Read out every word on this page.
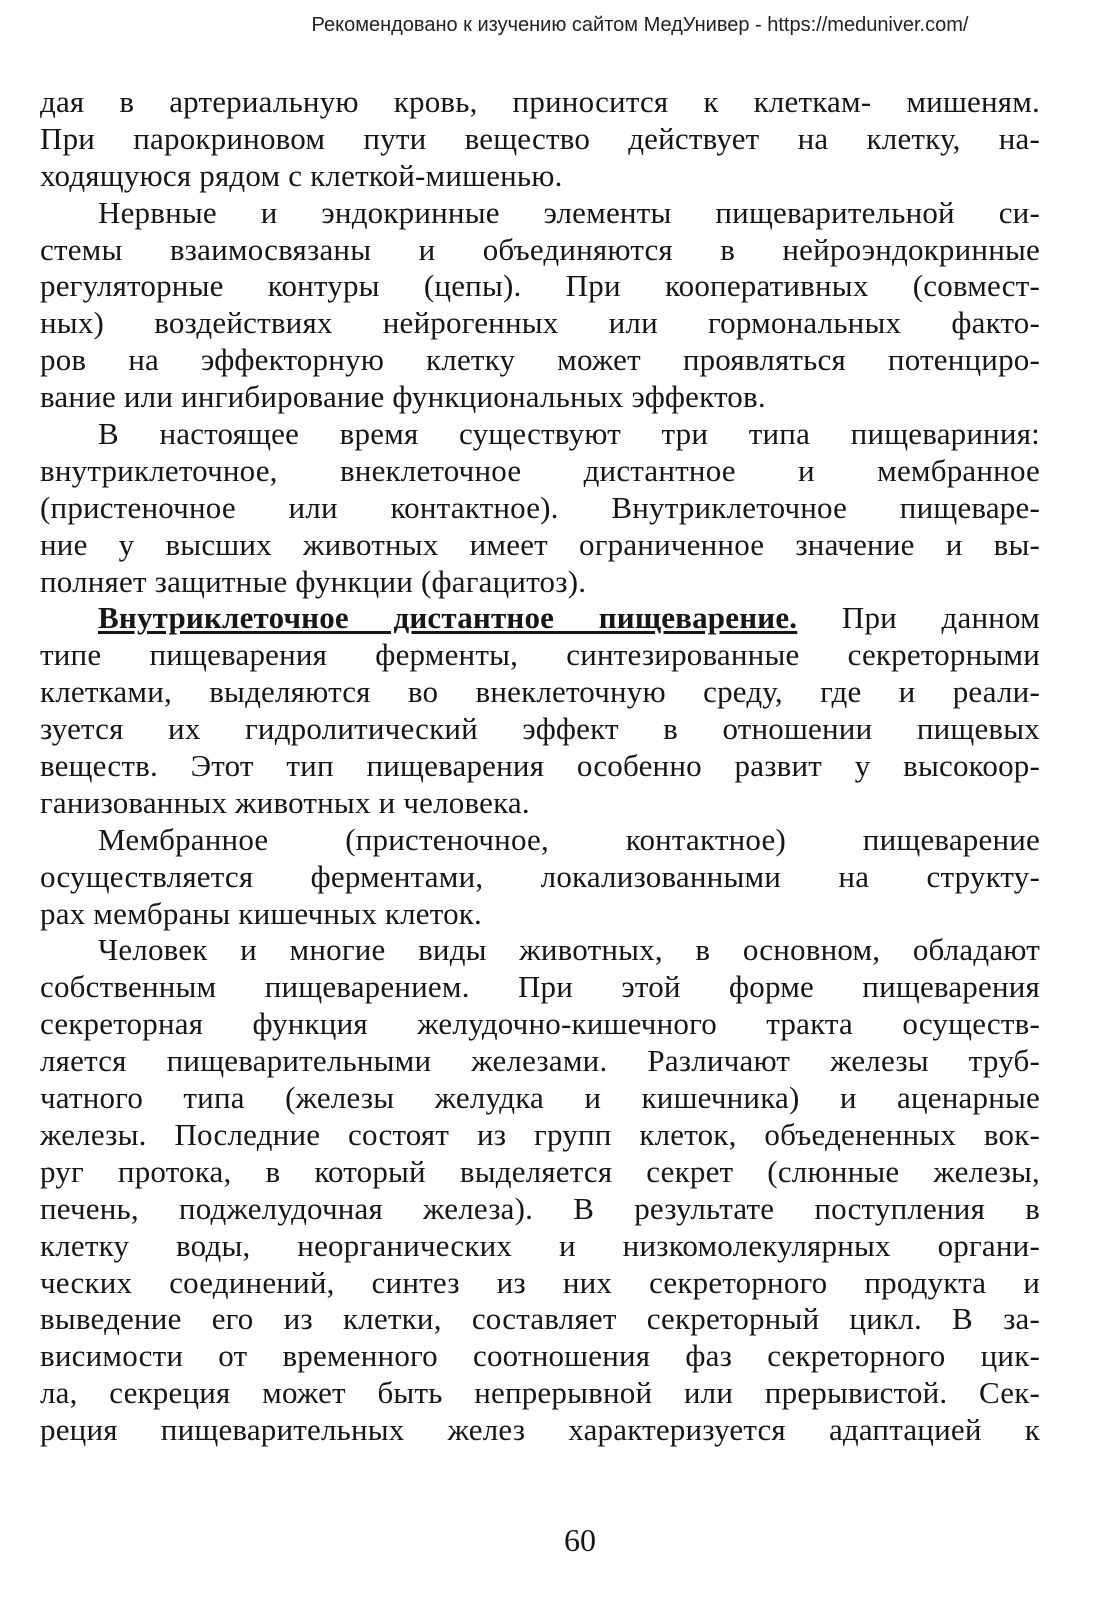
Рекомендовано к изучению сайтом МедУнивер - https://meduniver.com/
дая в артериальную кровь, приносится к клеткам- мишеням.
При парокриновом пути вещество действует на клетку, на-
ходящуюся рядом с клеткой-мишенью.
Нервные и эндокринные элементы пищеварительной си-
стемы взаимосвязаны и объединяются в нейроэндокринные
регуляторные контуры (цепы). При кооперативных (совмест-
ных) воздействиях нейрогенных или гормональных факто-
ров на эффекторную клетку может проявляться потенциро-
вание или ингибирование функциональных эффектов.
В настоящее время существуют три типа пищевариния:
внутриклеточное, внеклеточное дистантное и мембранное
(пристеночное или контактное). Внутриклеточное пищеваре-
ние у высших животных имеет ограниченное значение и вы-
полняет защитные функции (фагацитоз).
Внутриклеточное дистантное пищеварение. При данном
типе пищеварения ферменты, синтезированные секреторными
клетками, выделяются во внеклеточную среду, где и реали-
зуется их гидролитический эффект в отношении пищевых
веществ. Этот тип пищеварения особенно развит у высокоор-
ганизованных животных и человека.
Мембранное (пристеночное, контактное) пищеварение
осуществляется ферментами, локализованными на структу-
рах мембраны кишечных клеток.
Человек и многие виды животных, в основном, обладают
собственным пищеварением. При этой форме пищеварения
секреторная функция желудочно-кишечного тракта осуществ-
ляется пищеварительными железами. Различают железы труб-
чатного типа (железы желудка и кишечника) и аценарные
железы. Последние состоят из групп клеток, объедененных вок-
руг протока, в который выделяется секрет (слюнные железы,
печень, поджелудочная железа). В результате поступления в
клетку воды, неорганических и низкомолекулярных органи-
ческих соединений, синтез из них секреторного продукта и
выведение его из клетки, составляет секреторный цикл. В за-
висимости от временного соотношения фаз секреторного цик-
ла, секреция может быть непрерывной или прерывистой. Сек-
реция пищеварительных желез характеризуется адаптацией к
60
